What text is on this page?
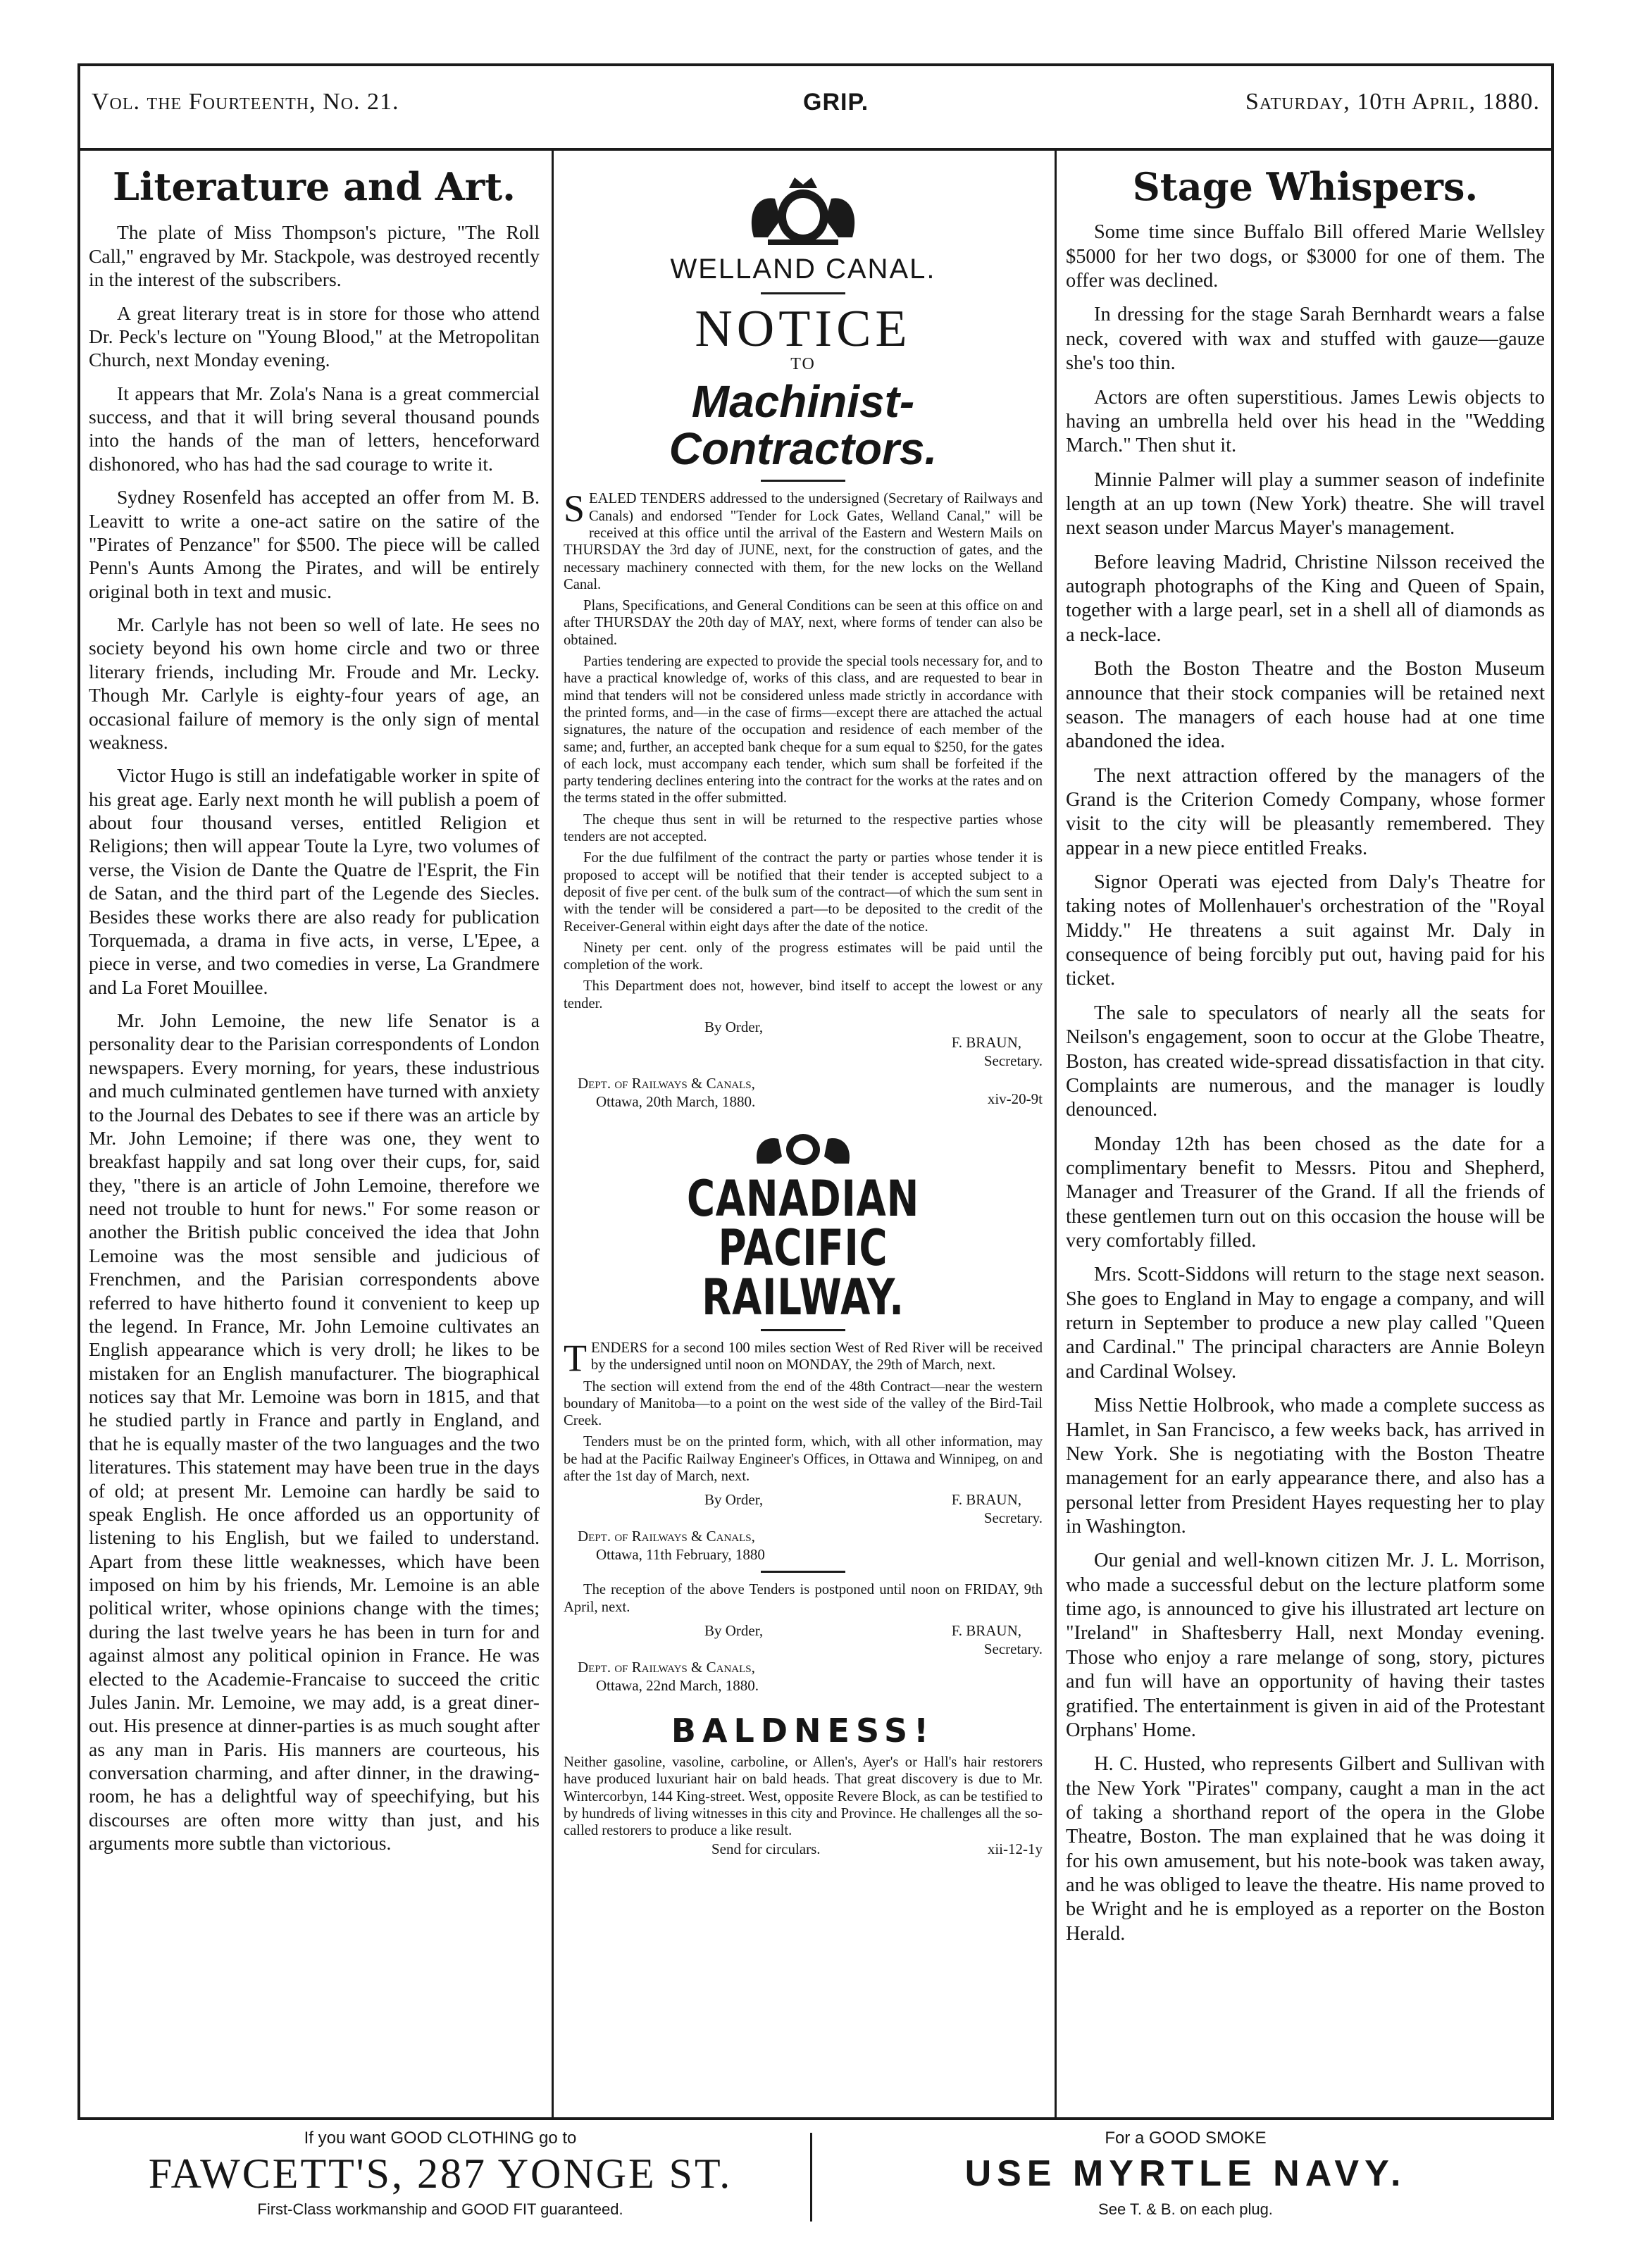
Vol. the Fourteenth, No. 21.	GRIP.	Saturday, 10th April, 1880.
Literature and Art.

The plate of Miss Thompson's picture, "The Roll Call," engraved by Mr. Stackpole, was destroyed recently in the interest of the subscribers.

A great literary treat is in store for those who attend Dr. Peck's lecture on "Young Blood," at the Metropolitan Church, next Monday evening.

It appears that Mr. Zola's Nana is a great commercial success, and that it will bring several thousand pounds into the hands of the man of letters, henceforward dishonored, who has had the sad courage to write it.

Sydney Rosenfeld has accepted an offer from M. B. Leavitt to write a one-act satire on the satire of the "Pirates of Penzance" for $500. The piece will be called Penn's Aunts Among the Pirates, and will be entirely original both in text and music.

Mr. Carlyle has not been so well of late. He sees no society beyond his own home circle and two or three literary friends, including Mr. Froude and Mr. Lecky. Though Mr. Carlyle is eighty-four years of age, an occasional failure of memory is the only sign of mental weakness.

Victor Hugo is still an indefatigable worker in spite of his great age. Early next month he will publish a poem of about four thousand verses, entitled Religion et Religions; then will appear Toute la Lyre, two volumes of verse, the Vision de Dante the Quatre de l'Esprit, the Fin de Satan, and the third part of the Legende des Siecles. Besides these works there are also ready for publication Torquemada, a drama in five acts, in verse, L'Epee, a piece in verse, and two comedies in verse, La Grandmere and La Foret Mouillee.

Mr. John Lemoine, the new life Senator is a personality dear to the Parisian correspondents of London newspapers. Every morning, for years, these industrious and much culminated gentlemen have turned with anxiety to the Journal des Debates to see if there was an article by Mr. John Lemoine; if there was one, they went to breakfast happily and sat long over their cups, for, said they, "there is an article of John Lemoine, therefore we need not trouble to hunt for news." For some reason or another the British public conceived the idea that John Lemoine was the most sensible and judicious of Frenchmen, and the Parisian correspondents above referred to have hitherto found it convenient to keep up the legend. In France, Mr. John Lemoine cultivates an English appearance which is very droll; he likes to be mistaken for an English manufacturer. The biographical notices say that Mr. Lemoine was born in 1815, and that he studied partly in France and partly in England, and that he is equally master of the two languages and the two literatures. This statement may have been true in the days of old; at present Mr. Lemoine can hardly be said to speak English. He once afforded us an opportunity of listening to his English, but we failed to understand. Apart from these little weaknesses, which have been imposed on him by his friends, Mr. Lemoine is an able political writer, whose opinions change with the times; during the last twelve years he has been in turn for and against almost any political opinion in France. He was elected to the Academie-Francaise to succeed the critic Jules Janin. Mr. Lemoine, we may add, is a great diner-out. His presence at dinner-parties is as much sought after as any man in Paris. His manners are courteous, his conversation charming, and after dinner, in the drawing-room, he has a delightful way of speechifying, but his discourses are often more witty than just, and his arguments more subtle than victorious.

WELLAND CANAL.
NOTICE
TO
Machinist-Contractors.

SEALED TENDERS addressed to the undersigned (Secretary of Railways and Canals) and endorsed "Tender for Lock Gates, Welland Canal," will be received at this office until the arrival of the Eastern and Western Mails on THURSDAY the 3rd day of JUNE, next, for the construction of gates, and the necessary machinery connected with them, for the new locks on the Welland Canal.

Plans, Specifications, and General Conditions can be seen at this office on and after THURSDAY the 20th day of MAY, next, where forms of tender can also be obtained.

Parties tendering are expected to provide the special tools necessary for, and to have a practical knowledge of, works of this class, and are requested to bear in mind that tenders will not be considered unless made strictly in accordance with the printed forms, and—in the case of firms—except there are attached the actual signatures, the nature of the occupation and residence of each member of the same; and, further, an accepted bank cheque for a sum equal to $250, for the gates of each lock, must accompany each tender, which sum shall be forfeited if the party tendering declines entering into the contract for the works at the rates and on the terms stated in the offer submitted.

The cheque thus sent in will be returned to the respective parties whose tenders are not accepted.

For the due fulfilment of the contract the party or parties whose tender it is proposed to accept will be notified that their tender is accepted subject to a deposit of five per cent. of the bulk sum of the contract—of which the sum sent in with the tender will be considered a part—to be deposited to the credit of the Receiver-General within eight days after the date of the notice.

Ninety per cent. only of the progress estimates will be paid until the completion of the work.

This Department does not, however, bind itself to accept the lowest or any tender.

By Order,
F. BRAUN,
Secretary.
Dept. of Railways & Canals,
Ottawa, 20th March, 1880.	xiv-20-9t
CANADIAN PACIFIC RAILWAY.

TENDERS for a second 100 miles section West of Red River will be received by the undersigned until noon on MONDAY, the 29th of March, next.

The section will extend from the end of the 48th Contract—near the western boundary of Manitoba—to a point on the west side of the valley of the Bird-Tail Creek.

Tenders must be on the printed form, which, with all other information, may be had at the Pacific Railway Engineer's Offices, in Ottawa and Winnipeg, on and after the 1st day of March, next.

By Order,	F. BRAUN,
Secretary.
Dept. of Railways & Canals,
Ottawa, 11th February, 1880

The reception of the above Tenders is postponed until noon on FRIDAY, 9th April, next.

By Order,	F. BRAUN,
Secretary.
Dept. of Railways & Canals,
Ottawa, 22nd March, 1880.
BALDNESS!

Neither gasoline, vasoline, carboline, or Allen's, Ayer's or Hall's hair restorers have produced luxuriant hair on bald heads. That great discovery is due to Mr. Wintercorbyn, 144 King-street. West, opposite Revere Block, as can be testified to by hundreds of living witnesses in this city and Province. He challenges all the so-called restorers to produce a like result.

Send for circulars.	xii-12-1y
Stage Whispers.

Some time since Buffalo Bill offered Marie Wellsley $5000 for her two dogs, or $3000 for one of them. The offer was declined.

In dressing for the stage Sarah Bernhardt wears a false neck, covered with wax and stuffed with gauze—gauze she's too thin.

Actors are often superstitious. James Lewis objects to having an umbrella held over his head in the "Wedding March." Then shut it.

Minnie Palmer will play a summer season of indefinite length at an up town (New York) theatre. She will travel next season under Marcus Mayer's management.

Before leaving Madrid, Christine Nilsson received the autograph photographs of the King and Queen of Spain, together with a large pearl, set in a shell all of diamonds as a neck-lace.

Both the Boston Theatre and the Boston Museum announce that their stock companies will be retained next season. The managers of each house had at one time abandoned the idea.

The next attraction offered by the managers of the Grand is the Criterion Comedy Company, whose former visit to the city will be pleasantly remembered. They appear in a new piece entitled Freaks.

Signor Operati was ejected from Daly's Theatre for taking notes of Mollenhauer's orchestration of the "Royal Middy." He threatens a suit against Mr. Daly in consequence of being forcibly put out, having paid for his ticket.

The sale to speculators of nearly all the seats for Neilson's engagement, soon to occur at the Globe Theatre, Boston, has created wide-spread dissatisfaction in that city. Complaints are numerous, and the manager is loudly denounced.

Monday 12th has been chosed as the date for a complimentary benefit to Messrs. Pitou and Shepherd, Manager and Treasurer of the Grand. If all the friends of these gentlemen turn out on this occasion the house will be very comfortably filled.

Mrs. Scott-Siddons will return to the stage next season. She goes to England in May to engage a company, and will return in September to produce a new play called "Queen and Cardinal." The principal characters are Annie Boleyn and Cardinal Wolsey.

Miss Nettie Holbrook, who made a complete success as Hamlet, in San Francisco, a few weeks back, has arrived in New York. She is negotiating with the Boston Theatre management for an early appearance there, and also has a personal letter from President Hayes requesting her to play in Washington.

Our genial and well-known citizen Mr. J. L. Morrison, who made a successful debut on the lecture platform some time ago, is announced to give his illustrated art lecture on "Ireland" in Shaftesberry Hall, next Monday evening. Those who enjoy a rare melange of song, story, pictures and fun will have an opportunity of having their tastes gratified. The entertainment is given in aid of the Protestant Orphans' Home.

H. C. Husted, who represents Gilbert and Sullivan with the New York "Pirates" company, caught a man in the act of taking a shorthand report of the opera in the Globe Theatre, Boston. The man explained that he was doing it for his own amusement, but his note-book was taken away, and he was obliged to leave the theatre. His name proved to be Wright and he is employed as a reporter on the Boston Herald.

If you want GOOD CLOTHING go to
FAWCETT'S, 287 YONGE ST.
First-Class workmanship and GOOD FIT guaranteed.
For a GOOD SMOKE
USE MYRTLE NAVY.
See T. & B. on each plug.
